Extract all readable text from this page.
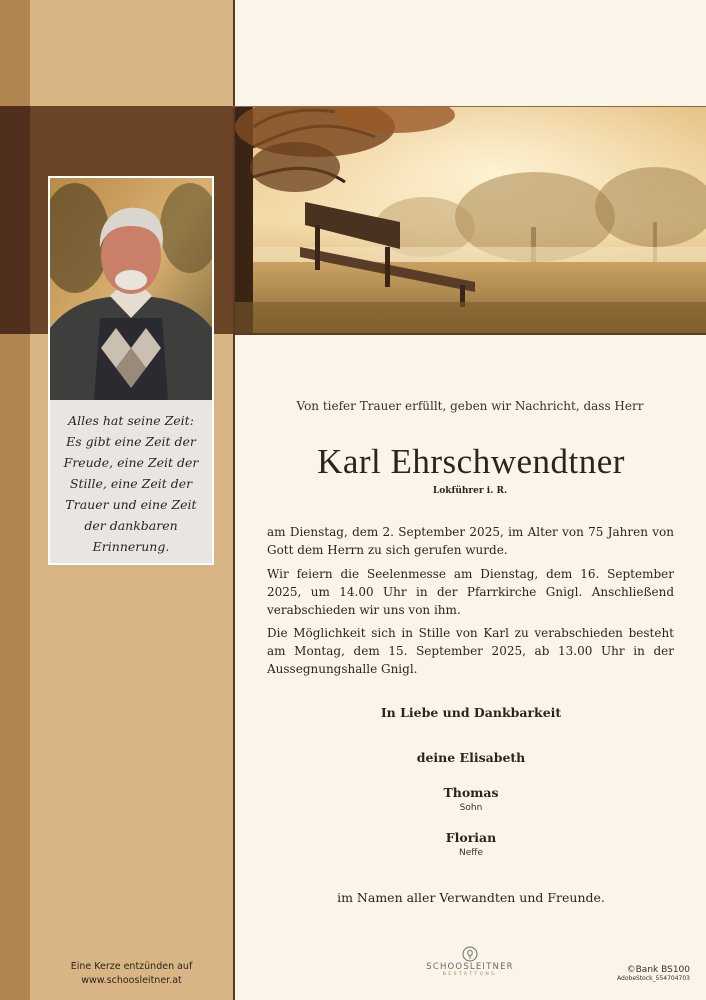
Alles hat seine Zeit:
Es gibt eine Zeit der
Freude, eine Zeit der
Stille, eine Zeit der
Trauer und eine Zeit
der dankbaren
Erinnerung.
Von tiefer Trauer erfüllt, geben wir Nachricht, dass Herr
Karl Ehrschwendtner
Lokführer i. R.
am Dienstag, dem 2. September 2025, im Alter von 75 Jahren von Gott dem Herrn zu sich gerufen wurde.
Wir feiern die Seelenmesse am Dienstag, dem 16. September 2025, um 14.00 Uhr in der Pfarrkirche Gnigl. Anschließend verabschieden wir uns von ihm.
Die Möglichkeit sich in Stille von Karl zu verabschieden besteht am Montag, dem 15. September 2025, ab 13.00 Uhr in der Aussegnungshalle Gnigl.
In Liebe und Dankbarkeit
deine Elisabeth
Thomas
Sohn
Florian
Neffe
im Namen aller Verwandten und Freunde.
Eine Kerze entzünden auf
www.schoosleitner.at
SCHOOSLEITNER
BESTATTUNG	©Bank BS100
AdobeStock_554704703
